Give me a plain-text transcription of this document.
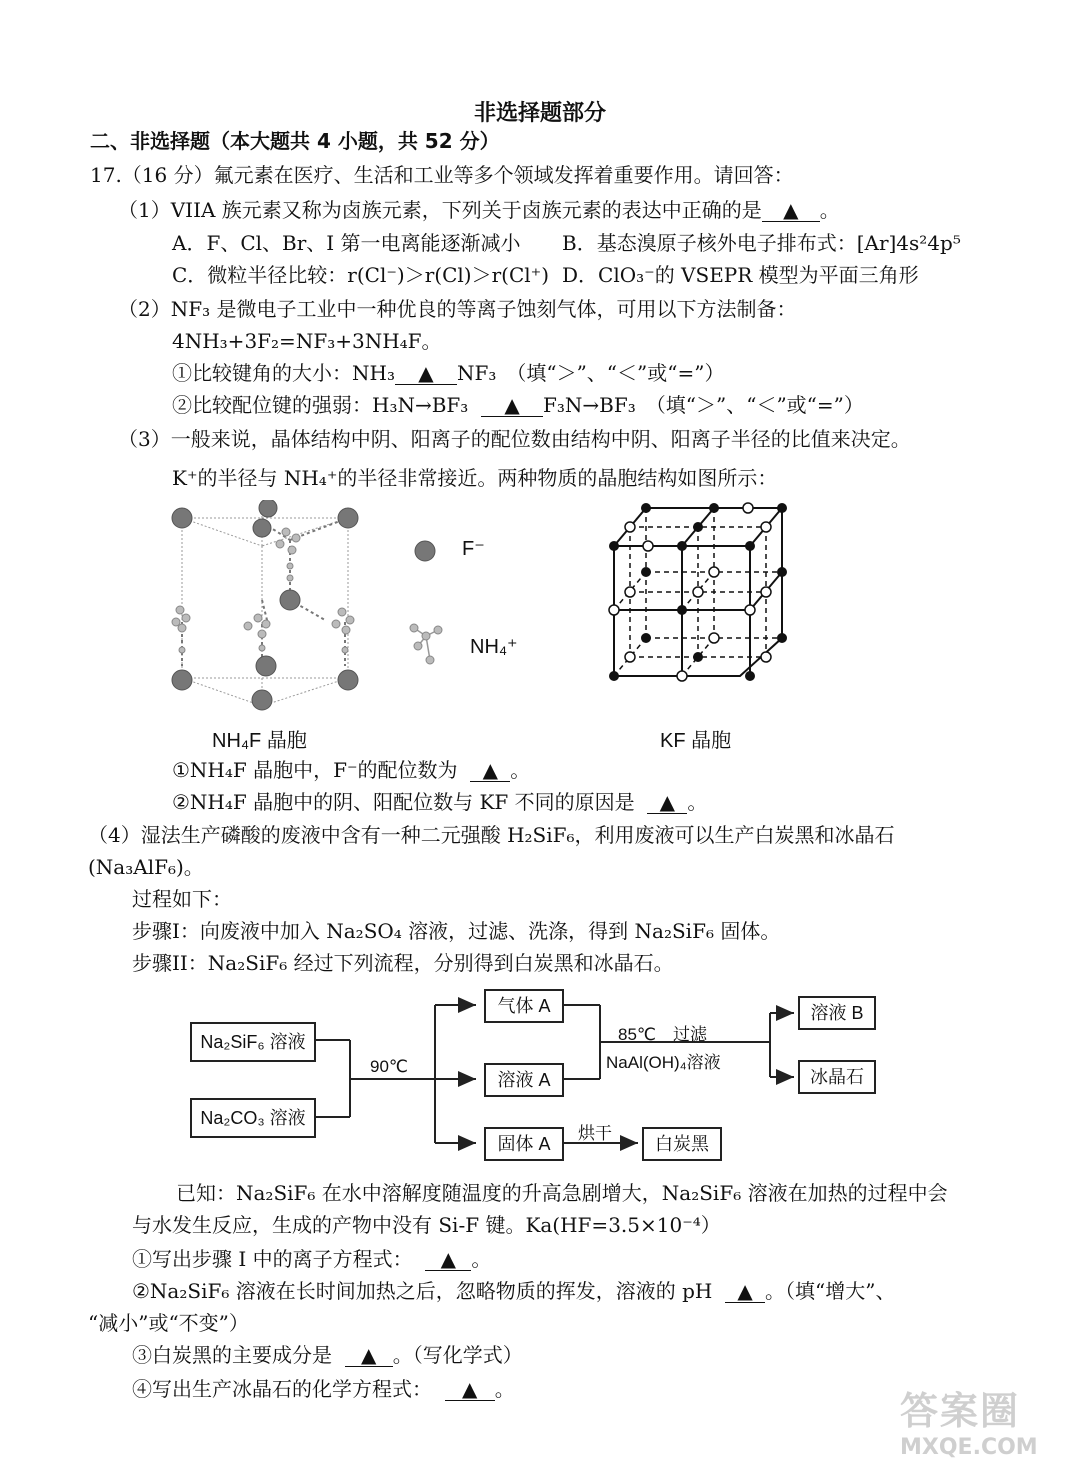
非选择题部分
二、非选择题（本大题共 4 小题，共 52 分）
17.（16 分）氟元素在医疗、生活和工业等多个领域发挥着重要作用。请回答：
（1）VIIA 族元素又称为卤族元素，下列关于卤族元素的表达中正确的是 ▲ 。
A．F、Cl、Br、I 第一电离能逐渐减小 B．基态溴原子核外电子排布式：[Ar]4s²4p⁵
C．微粒半径比较：r(Cl⁻)＞r(Cl)＞r(Cl⁺) D．ClO₃⁻的 VSEPR 模型为平面三角形
（2）NF₃ 是微电子工业中一种优良的等离子蚀刻气体，可用以下方法制备：
4NH₃+3F₂=NF₃+3NH₄F。
①比较键角的大小：NH₃ ▲ NF₃　（填“＞”、“＜”或“=”）
②比较配位键的强弱：H₃N→BF₃ ▲ F₃N→BF₃　（填“＞”、“＜”或“=”）
（3）一般来说，晶体结构中阴、阳离子的配位数由结构中阴、阳离子半径的比值来决定。
K⁺的半径与 NH₄⁺的半径非常接近。两种物质的晶胞结构如图所示：
F⁻
NH₄⁺
NH₄F 晶胞	KF 晶胞
①NH₄F 晶胞中，F⁻的配位数为 ▲ 。
②NH₄F 晶胞中的阴、阳配位数与 KF 不同的原因是 ▲ 。
（4）湿法生产磷酸的废液中含有一种二元强酸 H₂SiF₆，利用废液可以生产白炭黑和冰晶石
(Na₃AlF₆)。
过程如下：
步骤I：向废液中加入 Na₂SO₄ 溶液，过滤、洗涤，得到 Na₂SiF₆ 固体。
步骤II：Na₂SiF₆ 经过下列流程，分别得到白炭黑和冰晶石。
Na₂SiF₆ 溶液
Na₂CO₃ 溶液
90℃
气体 A
溶液 A
固体 A
85℃　过滤
NaAl(OH)₄溶液
溶液 B
冰晶石
烘干
白炭黑
已知：Na₂SiF₆ 在水中溶解度随温度的升高急剧增大，Na₂SiF₆ 溶液在加热的过程中会
与水发生反应，生成的产物中没有 Si-F 键。Ka(HF=3.5×10⁻⁴）
①写出步骤 I 中的离子方程式： ▲ 。
②Na₂SiF₆ 溶液在长时间加热之后，忽略物质的挥发，溶液的 pH ▲ 。（填“增大”、
“减小”或“不变”）
③白炭黑的主要成分是 ▲ 。（写化学式）
④写出生产冰晶石的化学方程式： ▲ 。	答案圈
MXQE.COM
